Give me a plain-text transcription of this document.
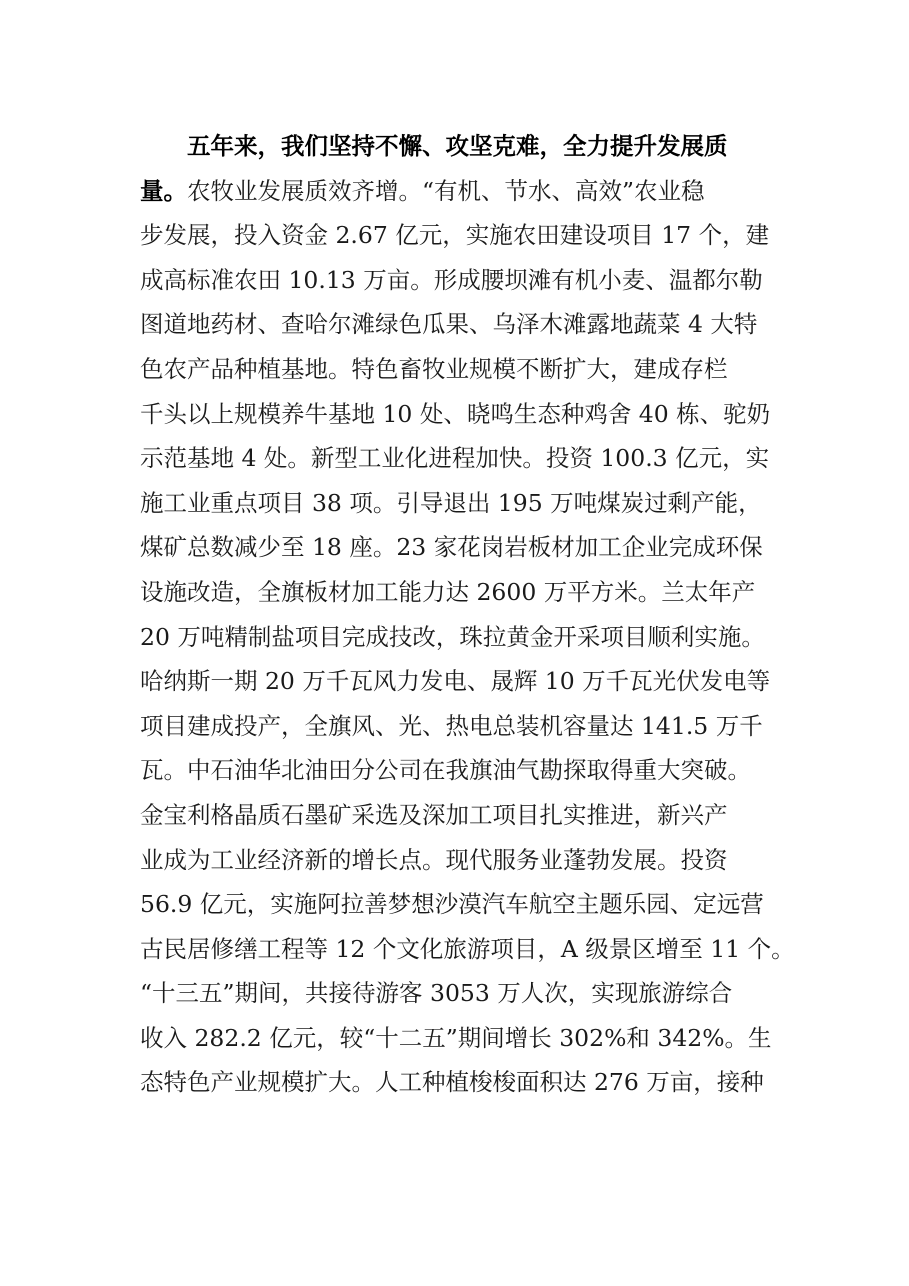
五年来，我们坚持不懈、攻坚克难，全力提升发展质
量。农牧业发展质效齐增。“有机、节水、高效”农业稳
步发展，投入资金 2.67 亿元，实施农田建设项目 17 个，建
成高标准农田 10.13 万亩。形成腰坝滩有机小麦、温都尔勒
图道地药材、查哈尔滩绿色瓜果、乌泽木滩露地蔬菜 4 大特
色农产品种植基地。特色畜牧业规模不断扩大，建成存栏
千头以上规模养牛基地 10 处、晓鸣生态种鸡舍 40 栋、驼奶
示范基地 4 处。新型工业化进程加快。投资 100.3 亿元，实
施工业重点项目 38 项。引导退出 195 万吨煤炭过剩产能，
煤矿总数减少至 18 座。23 家花岗岩板材加工企业完成环保
设施改造，全旗板材加工能力达 2600 万平方米。兰太年产
20 万吨精制盐项目完成技改，珠拉黄金开采项目顺利实施。
哈纳斯一期 20 万千瓦风力发电、晟辉 10 万千瓦光伏发电等
项目建成投产，全旗风、光、热电总装机容量达 141.5 万千
瓦。中石油华北油田分公司在我旗油气勘探取得重大突破。
金宝利格晶质石墨矿采选及深加工项目扎实推进，新兴产
业成为工业经济新的增长点。现代服务业蓬勃发展。投资
56.9 亿元，实施阿拉善梦想沙漠汽车航空主题乐园、定远营
古民居修缮工程等 12 个文化旅游项目，A 级景区增至 11 个。
“十三五”期间，共接待游客 3053 万人次，实现旅游综合
收入 282.2 亿元，较“十二五”期间增长 302%和 342%。生
态特色产业规模扩大。人工种植梭梭面积达 276 万亩，接种
